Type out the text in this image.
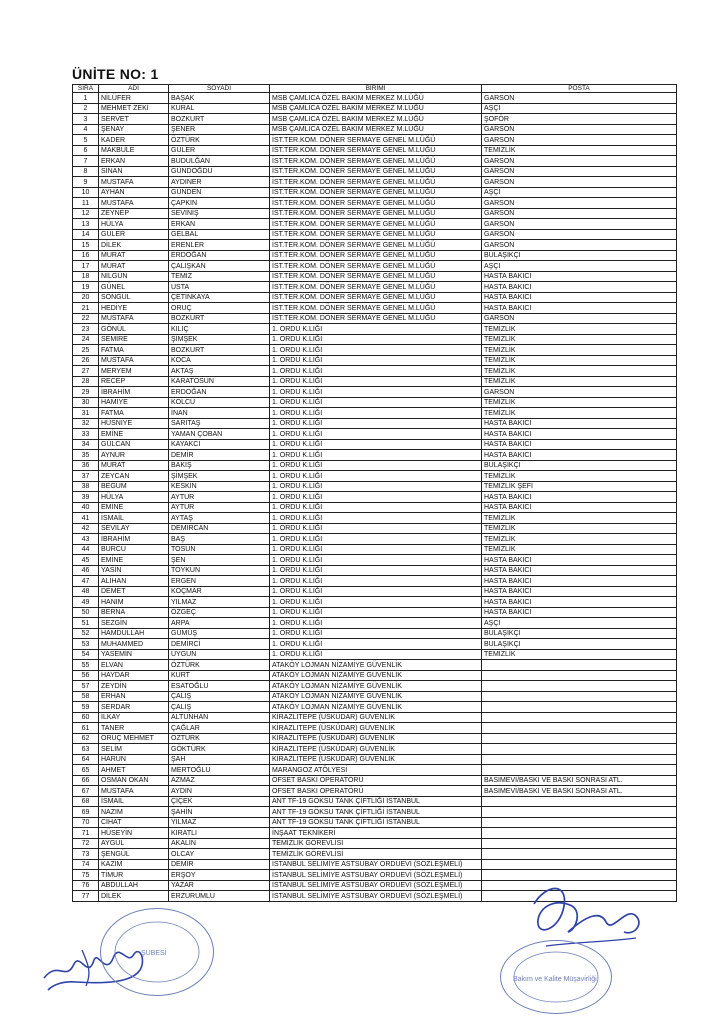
ÜNİTE NO: 1
SIRA	ADI	SOYADI	BİRİMİ	POSTA
1	NİLÜFER	BAŞAK	MSB ÇAMLICA ÖZEL BAKIM MERKEZ M.LÜĞÜ	GARSON
2	MEHMET ZEKİ	KURAL	MSB ÇAMLICA ÖZEL BAKIM MERKEZ M.LÜĞÜ	AŞÇI
3	SERVET	BOZKURT	MSB ÇAMLICA ÖZEL BAKIM MERKEZ M.LÜĞÜ	ŞOFÖR
4	ŞENAY	ŞENER	MSB ÇAMLICA ÖZEL BAKIM MERKEZ M.LÜĞÜ	GARSON
5	KADER	ÖZTÜRK	İST.TER.KOM. DÖNER SERMAYE GENEL M.LÜĞÜ	GARSON
6	MAKBULE	GÜLER	İST.TER.KOM. DÖNER SERMAYE GENEL M.LÜĞÜ	TEMİZLİK
7	ERKAN	BUDULĞAN	İST.TER.KOM. DÖNER SERMAYE GENEL M.LÜĞÜ	GARSON
8	SİNAN	GÜNDOĞDU	İST.TER.KOM. DÖNER SERMAYE GENEL M.LÜĞÜ	GARSON
9	MUSTAFA	AYDINER	İST.TER.KOM. DÖNER SERMAYE GENEL M.LÜĞÜ	GARSON
10	AYHAN	GÜNDEN	İST.TER.KOM. DÖNER SERMAYE GENEL M.LÜĞÜ	AŞÇI
11	MUSTAFA	ÇAPKIN	İST.TER.KOM. DÖNER SERMAYE GENEL M.LÜĞÜ	GARSON
12	ZEYNEP	SEVİNİŞ	İST.TER.KOM. DÖNER SERMAYE GENEL M.LÜĞÜ	GARSON
13	HÜLYA	ERKAN	İST.TER.KOM. DÖNER SERMAYE GENEL M.LÜĞÜ	GARSON
14	GÜLER	GELBAL	İST.TER.KOM. DÖNER SERMAYE GENEL M.LÜĞÜ	GARSON
15	DİLEK	ERENLER	İST.TER.KOM. DÖNER SERMAYE GENEL M.LÜĞÜ	GARSON
16	MURAT	ERDOĞAN	İST.TER.KOM. DÖNER SERMAYE GENEL M.LÜĞÜ	BULAŞIKÇI
17	MURAT	ÇALIŞKAN	İST.TER.KOM. DÖNER SERMAYE GENEL M.LÜĞÜ	AŞÇI
18	NİLGÜN	TEMİZ	İST.TER.KOM. DÖNER SERMAYE GENEL M.LÜĞÜ	HASTA BAKICI
19	GÜNEL	USTA	İST.TER.KOM. DÖNER SERMAYE GENEL M.LÜĞÜ	HASTA BAKICI
20	SONGÜL	ÇETİNKAYA	İST.TER.KOM. DÖNER SERMAYE GENEL M.LÜĞÜ	HASTA BAKICI
21	HEDİYE	ORUÇ	İST.TER.KOM. DÖNER SERMAYE GENEL M.LÜĞÜ	HASTA BAKICI
22	MUSTAFA	BOZKURT	İST.TER.KOM. DÖNER SERMAYE GENEL M.LÜĞÜ	GARSON
23	GÖNÜL	KILIÇ	1. ORDU K.LIĞI	TEMİZLİK
24	SEMİRE	ŞİMŞEK	1. ORDU K.LIĞI	TEMİZLİK
25	FATMA	BOZKURT	1. ORDU K.LIĞI	TEMİZLİK
26	MUSTAFA	KOCA	1. ORDU K.LIĞI	TEMİZLİK
27	MERYEM	AKTAŞ	1. ORDU K.LIĞI	TEMİZLİK
28	RECEP	KARATOSUN	1. ORDU K.LIĞI	TEMİZLİK
29	İBRAHİM	ERDOĞAN	1. ORDU K.LIĞI	GARSON
30	HAMİYE	KOLCU	1. ORDU K.LIĞI	TEMİZLİK
31	FATMA	İNAN	1. ORDU K.LIĞI	TEMİZLİK
32	HÜSNİYE	SARITAŞ	1. ORDU K.LIĞI	HASTA BAKICI
33	EMİNE	YAMAN ÇOBAN	1. ORDU K.LIĞI	HASTA BAKICI
34	GÜLCAN	KAYAKCI	1. ORDU K.LIĞI	HASTA BAKICI
35	AYNUR	DEMİR	1. ORDU K.LIĞI	HASTA BAKICI
36	MURAT	BAKIŞ	1. ORDU K.LIĞI	BULAŞIKÇI
37	ZEYCAN	ŞİMŞEK	1. ORDU K.LIĞI	TEMİZLİK
38	BEGÜM	KESKİN	1. ORDU K.LIĞI	TEMİZLİK ŞEFİ
39	HÜLYA	AYTUR	1. ORDU K.LIĞI	HASTA BAKICI
40	EMİNE	AYTUR	1. ORDU K.LIĞI	HASTA BAKICI
41	İSMAİL	AYTAŞ	1. ORDU K.LIĞI	TEMİZLİK
42	SEVİLAY	DEMİRCAN	1. ORDU K.LIĞI	TEMİZLİK
43	İBRAHİM	BAŞ	1. ORDU K.LIĞI	TEMİZLİK
44	BURCU	TOSUN	1. ORDU K.LIĞI	TEMİZLİK
45	EMİNE	ŞEN	1. ORDU K.LIĞI	HASTA BAKICI
46	YASİN	TOYKUN	1. ORDU K.LIĞI	HASTA BAKICI
47	ALİHAN	ERGEN	1. ORDU K.LIĞI	HASTA BAKICI
48	DEMET	KOÇMAR	1. ORDU K.LIĞI	HASTA BAKICI
49	HANIM	YILMAZ	1. ORDU K.LIĞI	HASTA BAKICI
50	BERNA	ÖZGEÇ	1. ORDU K.LIĞI	HASTA BAKICI
51	SEZGİN	ARPA	1. ORDU K.LIĞI	AŞÇI
52	HAMDULLAH	GÜMÜŞ	1. ORDU K.LIĞI	BULAŞIKÇI
53	MUHAMMED	DEMİRCİ	1. ORDU K.LIĞI	BULAŞIKÇI
54	YASEMİN	UYGUN	1. ORDU K.LIĞI	TEMİZLİK
55	ELVAN	ÖZTÜRK	ATAKÖY LOJMAN NİZAMİYE GÜVENLİK	
56	HAYDAR	KURT	ATAKÖY LOJMAN NİZAMİYE GÜVENLİK	
57	ZEYDİN	ESATOĞLU	ATAKÖY LOJMAN NİZAMİYE GÜVENLİK	
58	ERHAN	ÇALIŞ	ATAKÖY LOJMAN NİZAMİYE GÜVENLİK	
59	SERDAR	ÇALIŞ	ATAKÖY LOJMAN NİZAMİYE GÜVENLİK	
60	İLKAY	ALTUNHAN	KİRAZLITEPE (ÜSKÜDAR) GÜVENLİK	
61	TANER	ÇAĞLAR	KİRAZLITEPE (ÜSKÜDAR) GÜVENLİK	
62	ORUÇ MEHMET	ÖZTÜRK	KİRAZLITEPE (ÜSKÜDAR) GÜVENLİK	
63	SELİM	GÖKTÜRK	KİRAZLITEPE (ÜSKÜDAR) GÜVENLİK	
64	HARUN	ŞAH	KİRAZLITEPE (ÜSKÜDAR) GÜVENLİK	
65	AHMET	MERTOĞLU	MARANGOZ ATÖLYESİ	
66	OSMAN OKAN	AZMAZ	OFSET BASKI OPERATÖRÜ	BASIMEVİ/BASKI VE BASKI SONRASI ATL.
67	MUSTAFA	AYDIN	OFSET BASKI OPERATÖRÜ	BASIMEVİ/BASKI VE BASKI SONRASI ATL.
68	İSMAİL	ÇİÇEK	ANT TF-19 GÖKSU TANK ÇİFTLİĞİ İSTANBUL	
69	NAZIM	ŞAHİN	ANT TF-19 GÖKSU TANK ÇİFTLİĞİ İSTANBUL	
70	CİHAT	YILMAZ	ANT TF-19 GÖKSU TANK ÇİFTLİĞİ İSTANBUL	
71	HÜSEYİN	KIRATLI	İNŞAAT TEKNİKERİ	
72	AYGÜL	AKALIN	TEMİZLİK GÖREVLİSİ	
73	ŞENGÜL	OLCAY	TEMİZLİK GÖREVLİSİ	
74	KAZIM	DEMİR	İSTANBUL SELİMİYE ASTSUBAY ORDUEVİ (SÖZLEŞMELİ)	
75	TİMUR	ERŞOY	İSTANBUL SELİMİYE ASTSUBAY ORDUEVİ (SÖZLEŞMELİ)	
76	ABDULLAH	YAZAR	İSTANBUL SELİMİYE ASTSUBAY ORDUEVİ (SÖZLEŞMELİ)	
77	DİLEK	ERZURUMLU	İSTANBUL SELİMİYE ASTSUBAY ORDUEVİ (SÖZLEŞMELİ)	
ŞUBESİ
Bakım ve Kalite Müşavirliği
